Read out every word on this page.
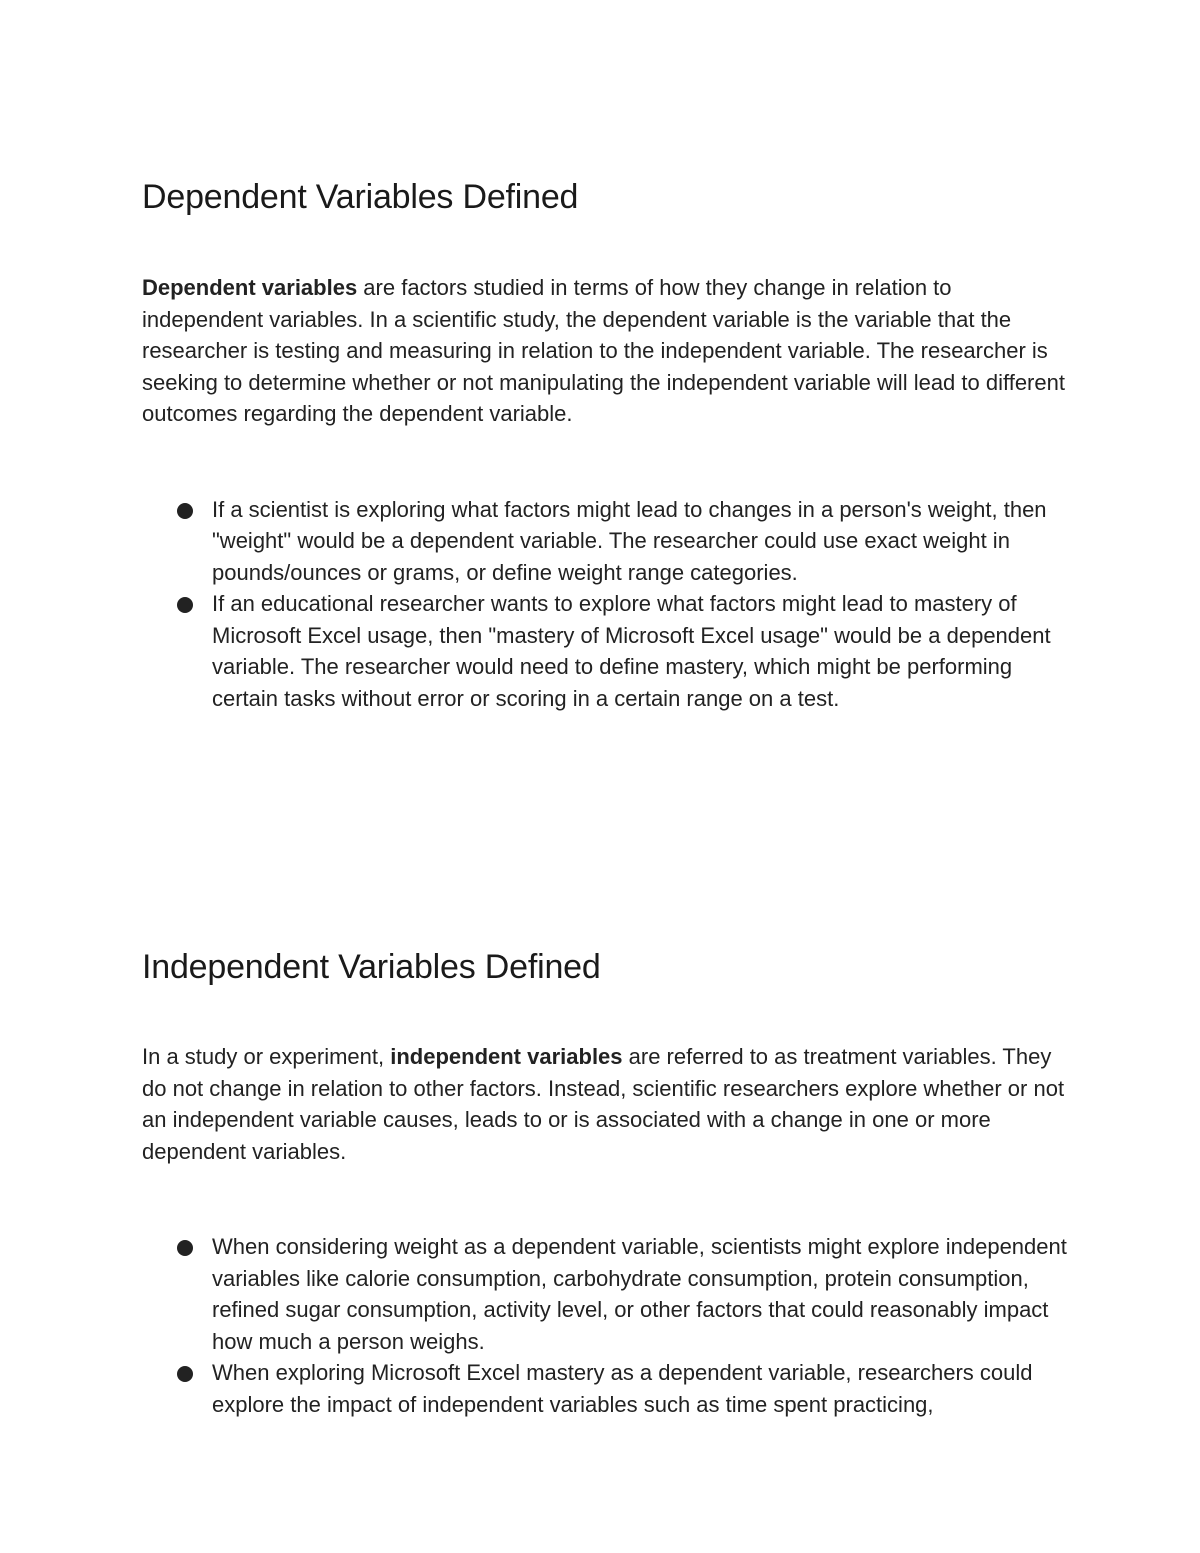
Dependent Variables Defined

Dependent variables are factors studied in terms of how they change in relation to independent variables. In a scientific study, the dependent variable is the variable that the researcher is testing and measuring in relation to the independent variable. The researcher is seeking to determine whether or not manipulating the independent variable will lead to different outcomes regarding the dependent variable.

If a scientist is exploring what factors might lead to changes in a person's weight, then "weight" would be a dependent variable. The researcher could use exact weight in pounds/ounces or grams, or define weight range categories.
If an educational researcher wants to explore what factors might lead to mastery of Microsoft Excel usage, then "mastery of Microsoft Excel usage" would be a dependent variable. The researcher would need to define mastery, which might be performing certain tasks without error or scoring in a certain range on a test.
Independent Variables Defined

In a study or experiment, independent variables are referred to as treatment variables. They do not change in relation to other factors. Instead, scientific researchers explore whether or not an independent variable causes, leads to or is associated with a change in one or more dependent variables.

When considering weight as a dependent variable, scientists might explore independent variables like calorie consumption, carbohydrate consumption, protein consumption, refined sugar consumption, activity level, or other factors that could reasonably impact how much a person weighs.
When exploring Microsoft Excel mastery as a dependent variable, researchers could explore the impact of independent variables such as time spent practicing,
